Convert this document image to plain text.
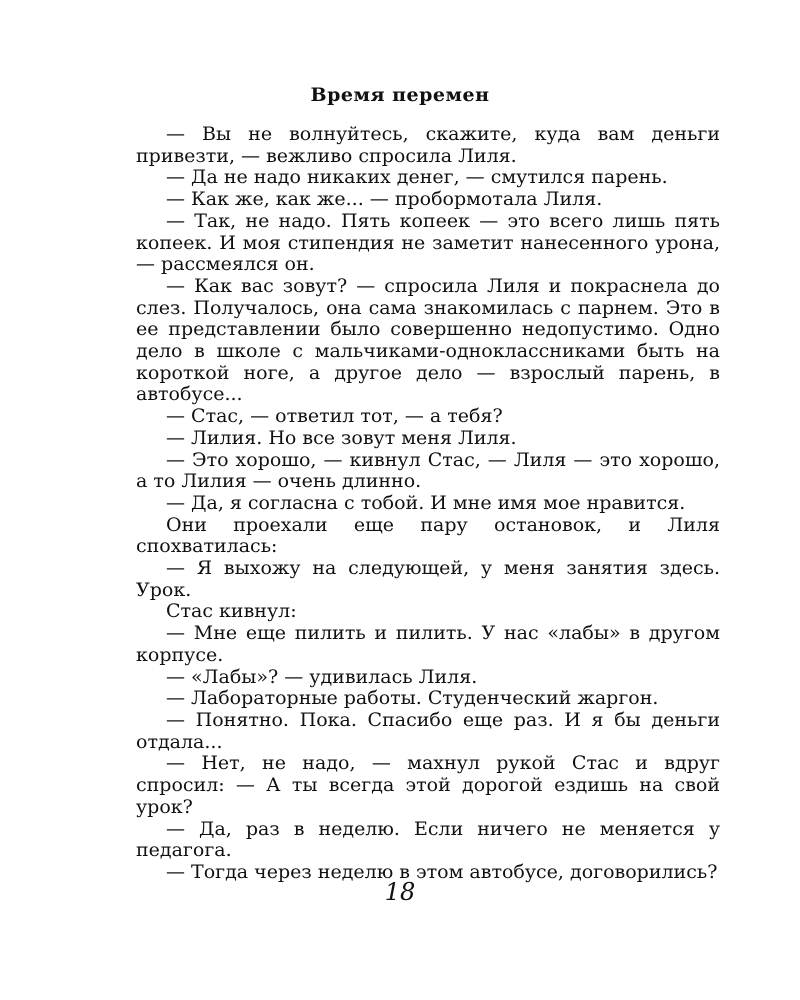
Время перемен

— Вы не волнуйтесь, скажите, куда вам деньги привезти, — вежливо спросила Лиля.

— Да не надо никаких денег, — смутился парень.

— Как же, как же... — пробормотала Лиля.

— Так, не надо. Пять копеек — это всего лишь пять копеек. И моя стипендия не заметит нанесенного урона, — рассмеялся он.

— Как вас зовут? — спросила Лиля и покраснела до слез. Получалось, она сама знакомилась с парнем. Это в ее представлении было совершенно недопустимо. Одно дело в школе с мальчиками-одноклассниками быть на короткой ноге, а другое дело — взрослый парень, в автобусе...

— Стас, — ответил тот, — а тебя?

— Лилия. Но все зовут меня Лиля.

— Это хорошо, — кивнул Стас, — Лиля — это хорошо, а то Лилия — очень длинно.

— Да, я согласна с тобой. И мне имя мое нравится.

Они проехали еще пару остановок, и Лиля спохватилась:

— Я выхожу на следующей, у меня занятия здесь. Урок.

Стас кивнул:

— Мне еще пилить и пилить. У нас «лабы» в другом корпусе.

— «Лабы»? — удивилась Лиля.

— Лабораторные работы. Студенческий жаргон.

— Понятно. Пока. Спасибо еще раз. И я бы деньги отдала...

— Нет, не надо, — махнул рукой Стас и вдруг спросил: — А ты всегда этой дорогой ездишь на свой урок?

— Да, раз в неделю. Если ничего не меняется у педагога.

— Тогда через неделю в этом автобусе, договорились?

18
